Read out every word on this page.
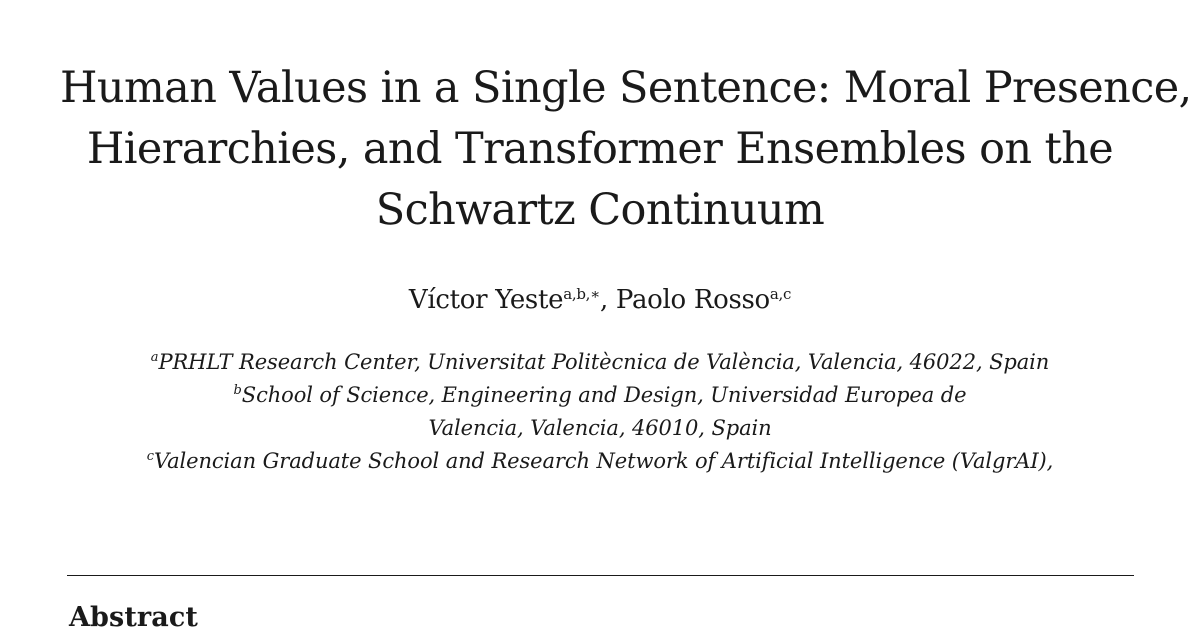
Human Values in a Single Sentence: Moral Presence,
Hierarchies, and Transformer Ensembles on the
Schwartz Continuum
Víctor Yeste$^{a,b,∗}$, Paolo Rosso$^{a,c}$
$^a$PRHLT Research Center, Universitat Politècnica de València, Valencia, 46022, Spain
$^b$School of Science, Engineering and Design, Universidad Europea de
Valencia, Valencia, 46010, Spain
$^c$Valencian Graduate School and Research Network of Artificial Intelligence (ValgrAI),
Abstract
